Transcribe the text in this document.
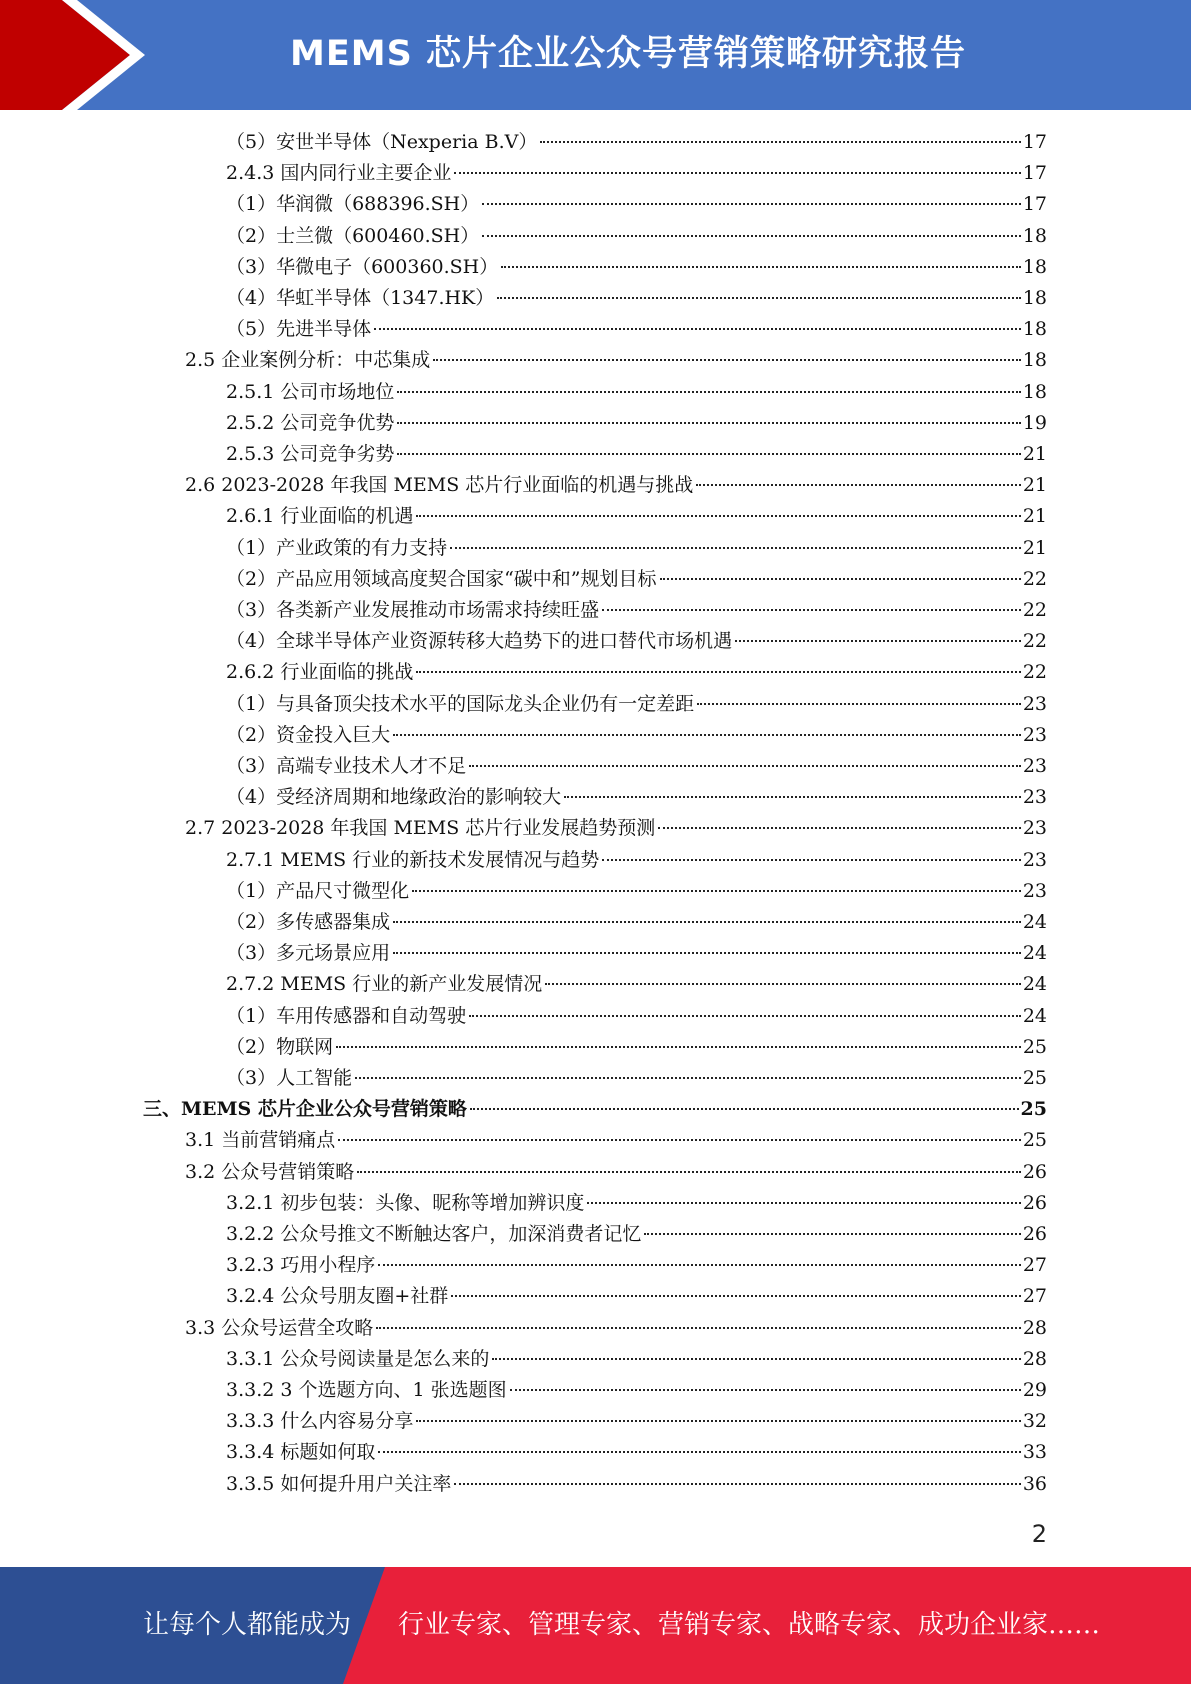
MEMS 芯片企业公众号营销策略研究报告
（5）安世半导体（Nexperia B.V）	17
2.4.3 国内同行业主要企业	17
（1）华润微（688396.SH）	17
（2）士兰微（600460.SH）	18
（3）华微电子（600360.SH）	18
（4）华虹半导体（1347.HK）	18
（5）先进半导体	18
2.5 企业案例分析：中芯集成	18
2.5.1 公司市场地位	18
2.5.2 公司竞争优势	19
2.5.3 公司竞争劣势	21
2.6 2023-2028 年我国 MEMS 芯片行业面临的机遇与挑战	21
2.6.1 行业面临的机遇	21
（1）产业政策的有力支持	21
（2）产品应用领域高度契合国家“碳中和”规划目标	22
（3）各类新产业发展推动市场需求持续旺盛	22
（4）全球半导体产业资源转移大趋势下的进口替代市场机遇	22
2.6.2 行业面临的挑战	22
（1）与具备顶尖技术水平的国际龙头企业仍有一定差距	23
（2）资金投入巨大	23
（3）高端专业技术人才不足	23
（4）受经济周期和地缘政治的影响较大	23
2.7 2023-2028 年我国 MEMS 芯片行业发展趋势预测	23
2.7.1 MEMS 行业的新技术发展情况与趋势	23
（1）产品尺寸微型化	23
（2）多传感器集成	24
（3）多元场景应用	24
2.7.2 MEMS 行业的新产业发展情况	24
（1）车用传感器和自动驾驶	24
（2）物联网	25
（3）人工智能	25
三、MEMS 芯片企业公众号营销策略	25
3.1 当前营销痛点	25
3.2 公众号营销策略	26
3.2.1 初步包装：头像、昵称等增加辨识度	26
3.2.2 公众号推文不断触达客户，加深消费者记忆	26
3.2.3 巧用小程序	27
3.2.4 公众号朋友圈+社群	27
3.3 公众号运营全攻略	28
3.3.1 公众号阅读量是怎么来的	28
3.3.2 3 个选题方向、1 张选题图	29
3.3.3 什么内容易分享	32
3.3.4 标题如何取	33
3.3.5 如何提升用户关注率	36
2
让每个人都能成为 行业专家、管理专家、营销专家、战略专家、成功企业家……
